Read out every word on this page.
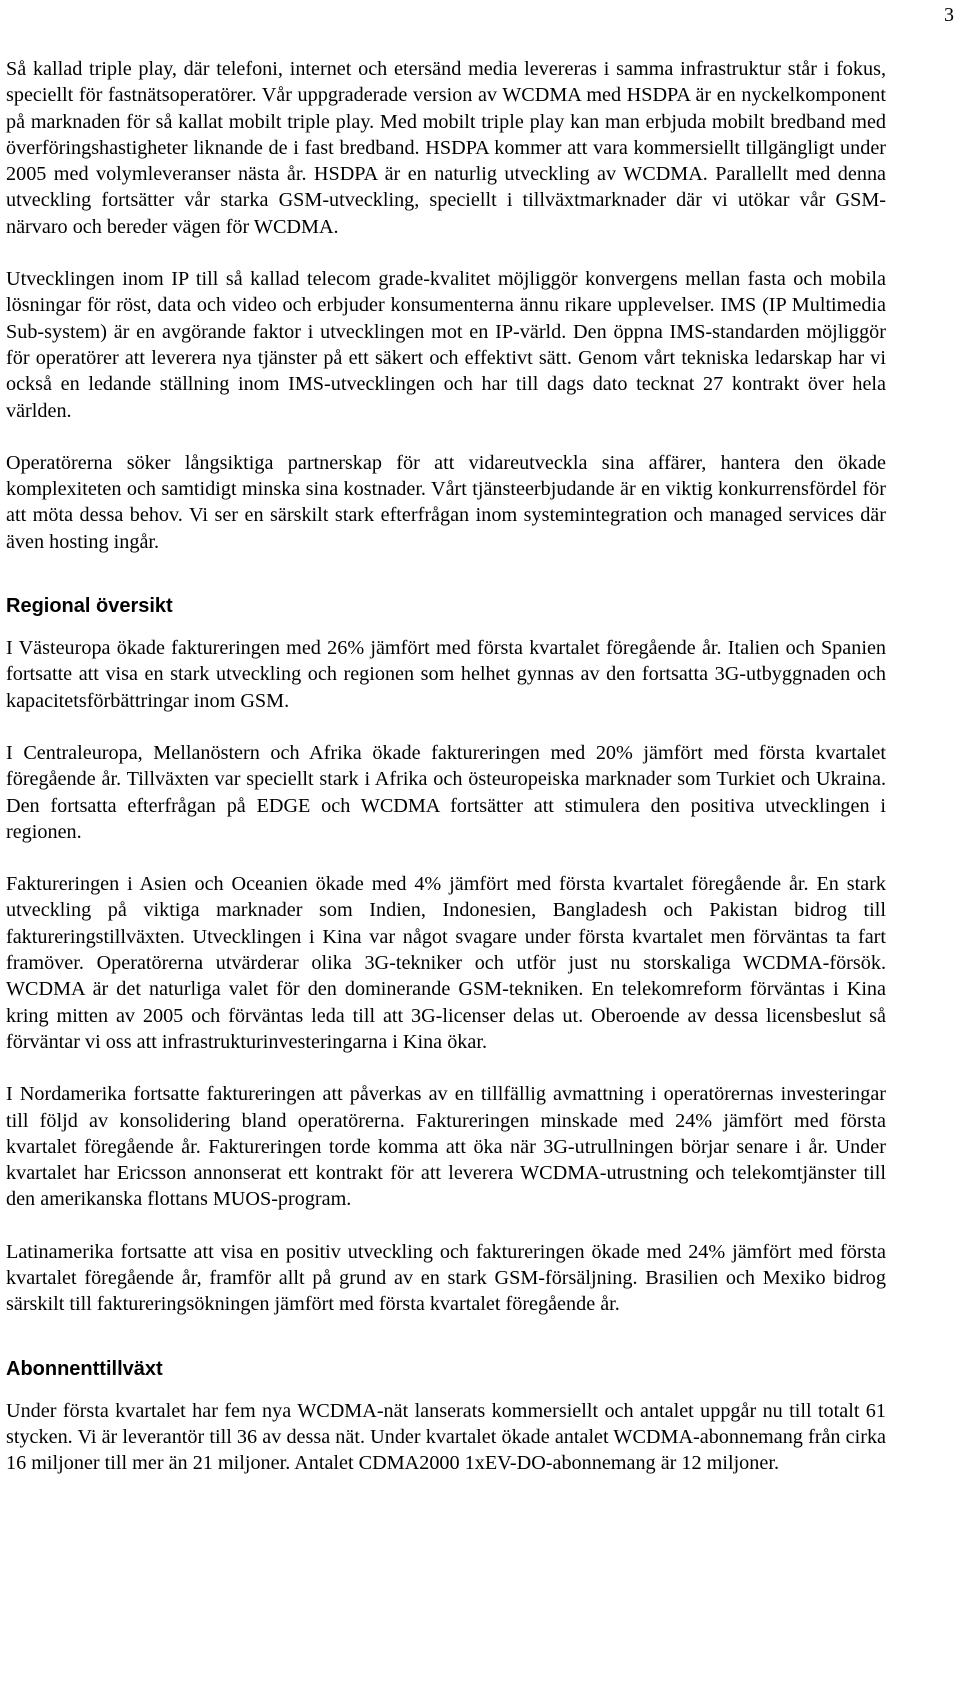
3

Så kallad triple play, där telefoni, internet och etersänd media levereras i samma infrastruktur står i fokus, speciellt för fastnätsoperatörer. Vår uppgraderade version av WCDMA med HSDPA är en nyckelkomponent på marknaden för så kallat mobilt triple play. Med mobilt triple play kan man erbjuda mobilt bredband med överföringshastigheter liknande de i fast bredband. HSDPA kommer att vara kommersiellt tillgängligt under 2005 med volymleveranser nästa år. HSDPA är en naturlig utveckling av WCDMA. Parallellt med denna utveckling fortsätter vår starka GSM-utveckling, speciellt i tillväxtmarknader där vi utökar vår GSM-närvaro och bereder vägen för WCDMA.

Utvecklingen inom IP till så kallad telecom grade-kvalitet möjliggör konvergens mellan fasta och mobila lösningar för röst, data och video och erbjuder konsumenterna ännu rikare upplevelser. IMS (IP Multimedia Sub-system) är en avgörande faktor i utvecklingen mot en IP-värld. Den öppna IMS-standarden möjliggör för operatörer att leverera nya tjänster på ett säkert och effektivt sätt. Genom vårt tekniska ledarskap har vi också en ledande ställning inom IMS-utvecklingen och har till dags dato tecknat 27 kontrakt över hela världen.

Operatörerna söker långsiktiga partnerskap för att vidareutveckla sina affärer, hantera den ökade komplexiteten och samtidigt minska sina kostnader. Vårt tjänsteerbjudande är en viktig konkurrensfördel för att möta dessa behov. Vi ser en särskilt stark efterfrågan inom systemintegration och managed services där även hosting ingår.

Regional översikt

I Västeuropa ökade faktureringen med 26% jämfört med första kvartalet föregående år. Italien och Spanien fortsatte att visa en stark utveckling och regionen som helhet gynnas av den fortsatta 3G-utbyggnaden och kapacitetsförbättringar inom GSM.

I Centraleuropa, Mellanöstern och Afrika ökade faktureringen med 20% jämfört med första kvartalet föregående år. Tillväxten var speciellt stark i Afrika och östeuropeiska marknader som Turkiet och Ukraina. Den fortsatta efterfrågan på EDGE och WCDMA fortsätter att stimulera den positiva utvecklingen i regionen.

Faktureringen i Asien och Oceanien ökade med 4% jämfört med första kvartalet föregående år. En stark utveckling på viktiga marknader som Indien, Indonesien, Bangladesh och Pakistan bidrog till faktureringstillväxten. Utvecklingen i Kina var något svagare under första kvartalet men förväntas ta fart framöver. Operatörerna utvärderar olika 3G-tekniker och utför just nu storskaliga WCDMA-försök. WCDMA är det naturliga valet för den dominerande GSM-tekniken. En telekomreform förväntas i Kina kring mitten av 2005 och förväntas leda till att 3G-licenser delas ut. Oberoende av dessa licensbeslut så förväntar vi oss att infrastrukturinvesteringarna i Kina ökar.

I Nordamerika fortsatte faktureringen att påverkas av en tillfällig avmattning i operatörernas investeringar till följd av konsolidering bland operatörerna. Faktureringen minskade med 24% jämfört med första kvartalet föregående år. Faktureringen torde komma att öka när 3G-utrullningen börjar senare i år. Under kvartalet har Ericsson annonserat ett kontrakt för att leverera WCDMA-utrustning och telekomtjänster till den amerikanska flottans MUOS-program.

Latinamerika fortsatte att visa en positiv utveckling och faktureringen ökade med 24% jämfört med första kvartalet föregående år, framför allt på grund av en stark GSM-försäljning. Brasilien och Mexiko bidrog särskilt till faktureringsökningen jämfört med första kvartalet föregående år.

Abonnenttillväxt

Under första kvartalet har fem nya WCDMA-nät lanserats kommersiellt och antalet uppgår nu till totalt 61 stycken. Vi är leverantör till 36 av dessa nät. Under kvartalet ökade antalet WCDMA-abonnemang från cirka 16 miljoner till mer än 21 miljoner. Antalet CDMA2000 1xEV-DO-abonnemang är 12 miljoner.
